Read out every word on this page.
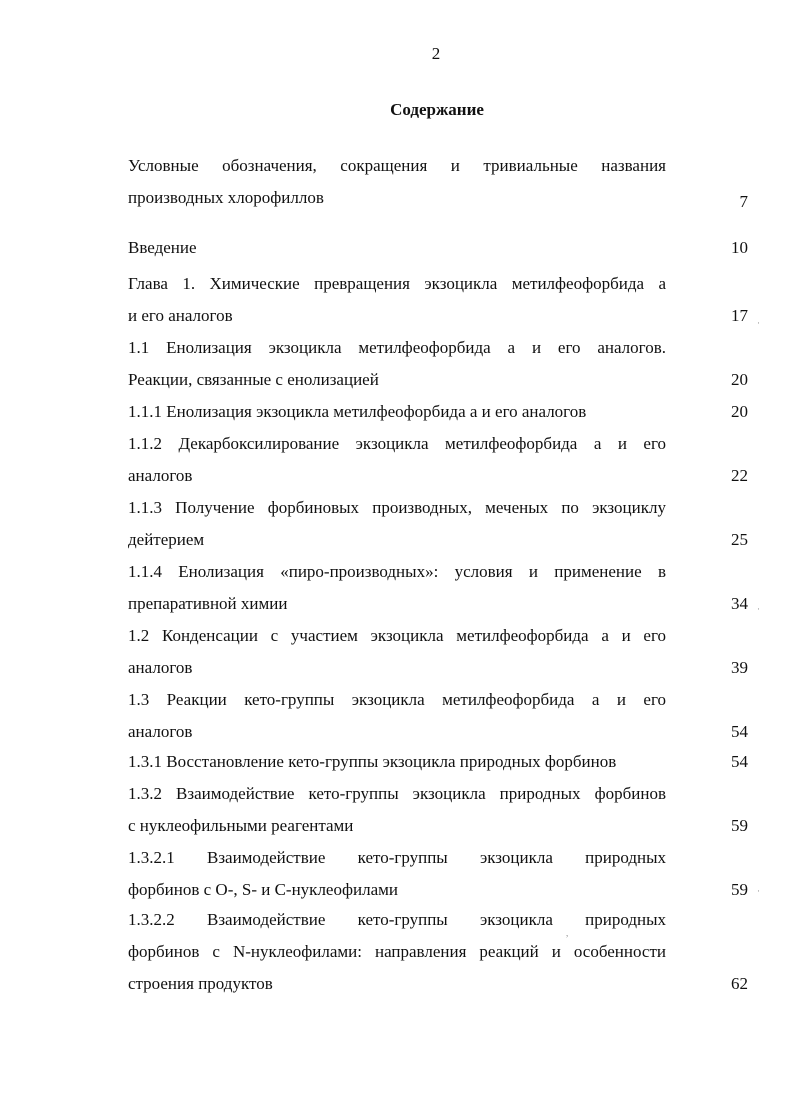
2
Содержание
Условные обозначения, сокращения и тривиальные названия
производных хлорофиллов	7
Введение	10
Глава 1. Химические превращения экзоцикла метилфеофорбида а
и его аналогов	17
1.1 Енолизация экзоцикла метилфеофорбида а и его аналогов.
Реакции, связанные с енолизацией	20
1.1.1 Енолизация экзоцикла метилфеофорбида а и его аналогов	20
1.1.2 Декарбоксилирование экзоцикла метилфеофорбида а и его
аналогов	22
1.1.3 Получение форбиновых производных, меченых по экзоциклу
дейтерием	25
1.1.4 Енолизация «пиро-производных»: условия и применение в
препаративной химии	34
1.2 Конденсации с участием экзоцикла метилфеофорбида а и его
аналогов	39
1.3 Реакции кето-группы экзоцикла метилфеофорбида а и его
аналогов	54
1.3.1 Восстановление кето-группы экзоцикла природных форбинов	54
1.3.2 Взаимодействие кето-группы экзоцикла природных форбинов
с нуклеофильными реагентами	59
1.3.2.1 Взаимодействие кето-группы экзоцикла природных
форбинов с О-, S- и С-нуклеофилами	59
1.3.2.2 Взаимодействие кето-группы экзоцикла природных
форбинов с N-нуклеофилами: направления реакций и особенности
строения продуктов	62
·
·
·
,
